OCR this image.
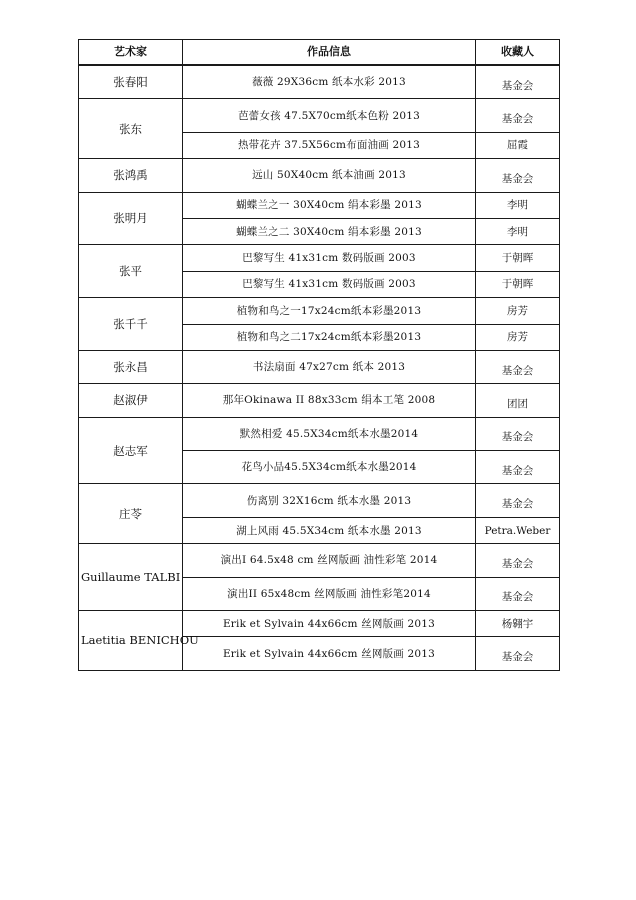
艺术家	作品信息	收藏人
张春阳	薇薇 29X36cm 纸本水彩 2013	基金会
张东	芭蕾女孩 47.5X70cm纸本色粉 2013	基金会
	热带花卉 37.5X56cm布面油画 2013	屈霞
张鸿禹	远山 50X40cm 纸本油画 2013	基金会
张明月	蝴蝶兰之一 30X40cm 绢本彩墨 2013	李明
	蝴蝶兰之二 30X40cm 绢本彩墨 2013	李明
张平	巴黎写生 41x31cm 数码版画 2003	于朝晖
	巴黎写生 41x31cm 数码版画 2003	于朝晖
张千千	植物和鸟之一17x24cm纸本彩墨2013	房芳
	植物和鸟之二17x24cm纸本彩墨2013	房芳
张永昌	书法扇面 47x27cm 纸本 2013	基金会
赵淑伊	那年Okinawa II 88x33cm 绢本工笔 2008	团团
赵志军	默然相爱 45.5X34cm纸本水墨2014	基金会
	花鸟小品45.5X34cm纸本水墨2014	基金会
庄苓	伤离别 32X16cm 纸本水墨 2013	基金会
	湖上风雨 45.5X34cm 纸本水墨 2013	Petra.Weber
Guillaume TALBI	演出I 64.5x48 cm 丝网版画 油性彩笔 2014	基金会
	演出II 65x48cm 丝网版画 油性彩笔2014	基金会
Laetitia BENICHOU	Erik et Sylvain 44x66cm 丝网版画 2013	杨翱宇
	Erik et Sylvain 44x66cm 丝网版画 2013	基金会
